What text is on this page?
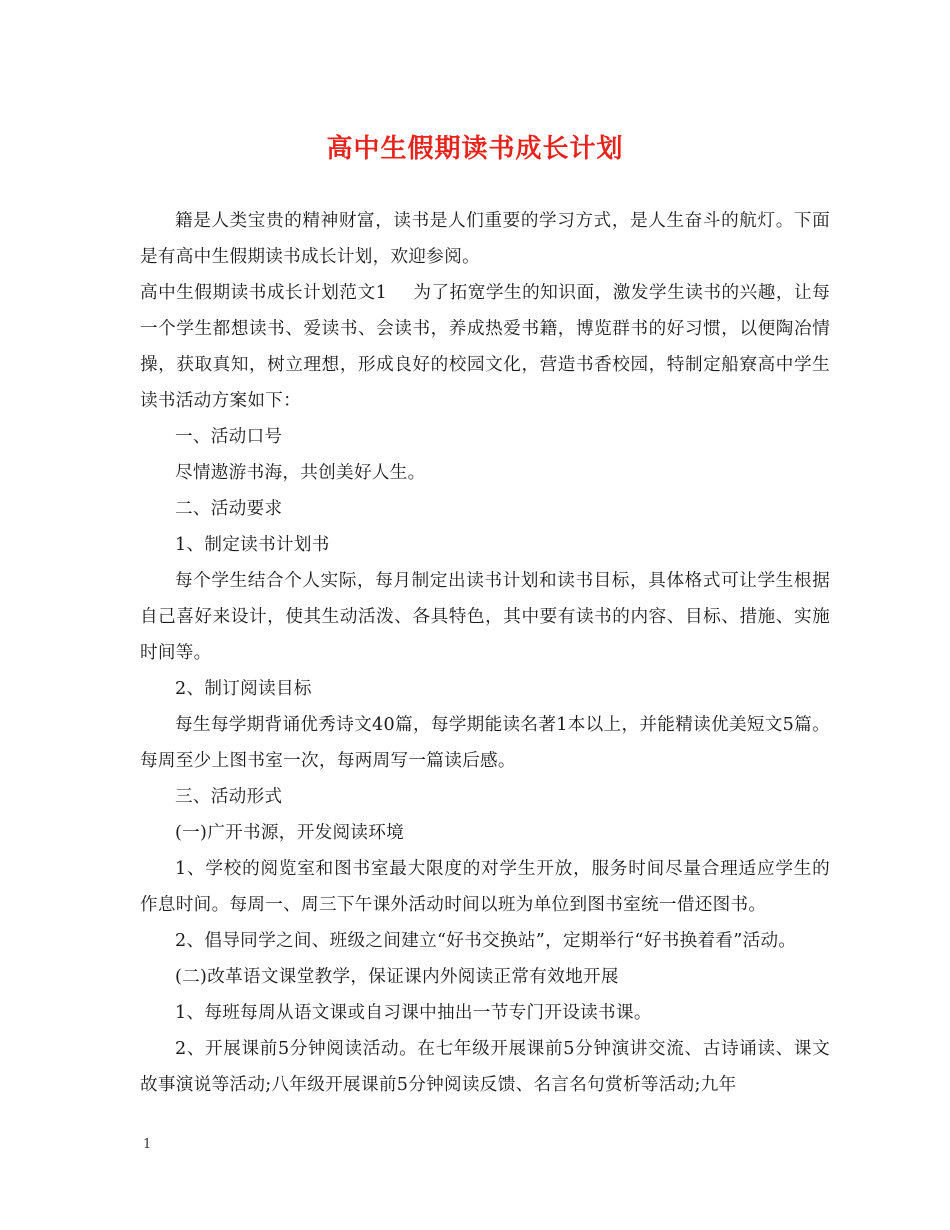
高中生假期读书成长计划

籍是人类宝贵的精神财富，读书是人们重要的学习方式，是人生奋斗的航灯。下面是有高中生假期读书成长计划，欢迎参阅。

高中生假期读书成长计划范文1 为了拓宽学生的知识面，激发学生读书的兴趣，让每一个学生都想读书、爱读书、会读书，养成热爱书籍，博览群书的好习惯，以便陶冶情操，获取真知，树立理想，形成良好的校园文化，营造书香校园，特制定船寮高中学生读书活动方案如下：

一、活动口号

尽情遨游书海，共创美好人生。

二、活动要求

1、制定读书计划书

每个学生结合个人实际，每月制定出读书计划和读书目标，具体格式可让学生根据自己喜好来设计，使其生动活泼、各具特色，其中要有读书的内容、目标、措施、实施时间等。

2、制订阅读目标

每生每学期背诵优秀诗文40篇，每学期能读名著1本以上，并能精读优美短文5篇。每周至少上图书室一次，每两周写一篇读后感。

三、活动形式

(一)广开书源，开发阅读环境

1、学校的阅览室和图书室最大限度的对学生开放，服务时间尽量合理适应学生的作息时间。每周一、周三下午课外活动时间以班为单位到图书室统一借还图书。

2、倡导同学之间、班级之间建立“好书交换站”，定期举行“好书换着看”活动。

(二)改革语文课堂教学，保证课内外阅读正常有效地开展

1、每班每周从语文课或自习课中抽出一节专门开设读书课。

2、开展课前5分钟阅读活动。在七年级开展课前5分钟演讲交流、古诗诵读、课文故事演说等活动;八年级开展课前5分钟阅读反馈、名言名句赏析等活动;九年

1
